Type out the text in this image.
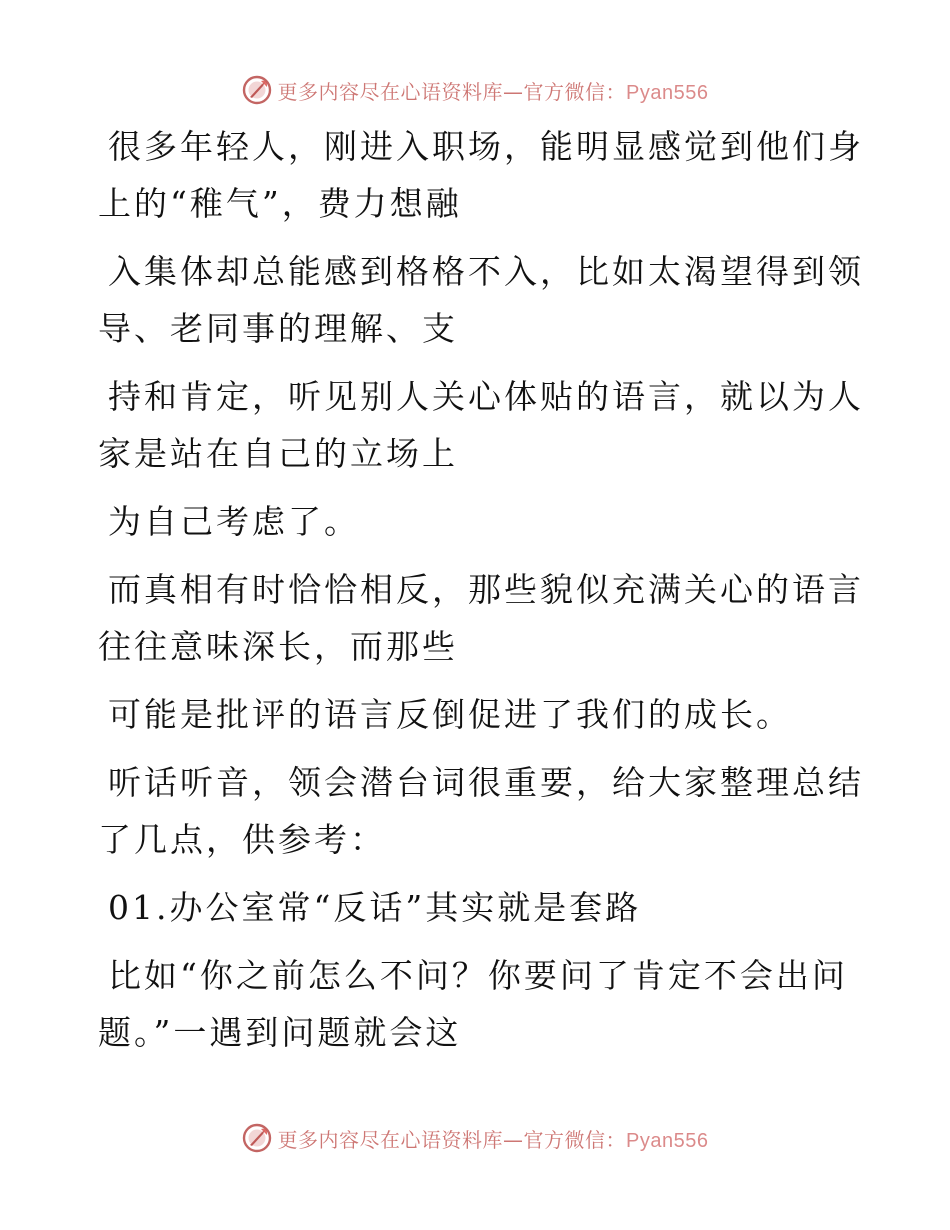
更多内容尽在心语资料库—官方微信：Pyan556

很多年轻人，刚进入职场，能明显感觉到他们身
上的“稚气”，费力想融

入集体却总能感到格格不入，比如太渴望得到领
导、老同事的理解、支

持和肯定，听见别人关心体贴的语言，就以为人
家是站在自己的立场上

为自己考虑了。

而真相有时恰恰相反，那些貌似充满关心的语言
往往意味深长，而那些

可能是批评的语言反倒促进了我们的成长。

听话听音，领会潜台词很重要，给大家整理总结
了几点，供参考：

01.办公室常“反话”其实就是套路

比如“你之前怎么不问？你要问了肯定不会出问
题。”一遇到问题就会这

更多内容尽在心语资料库—官方微信：Pyan556
